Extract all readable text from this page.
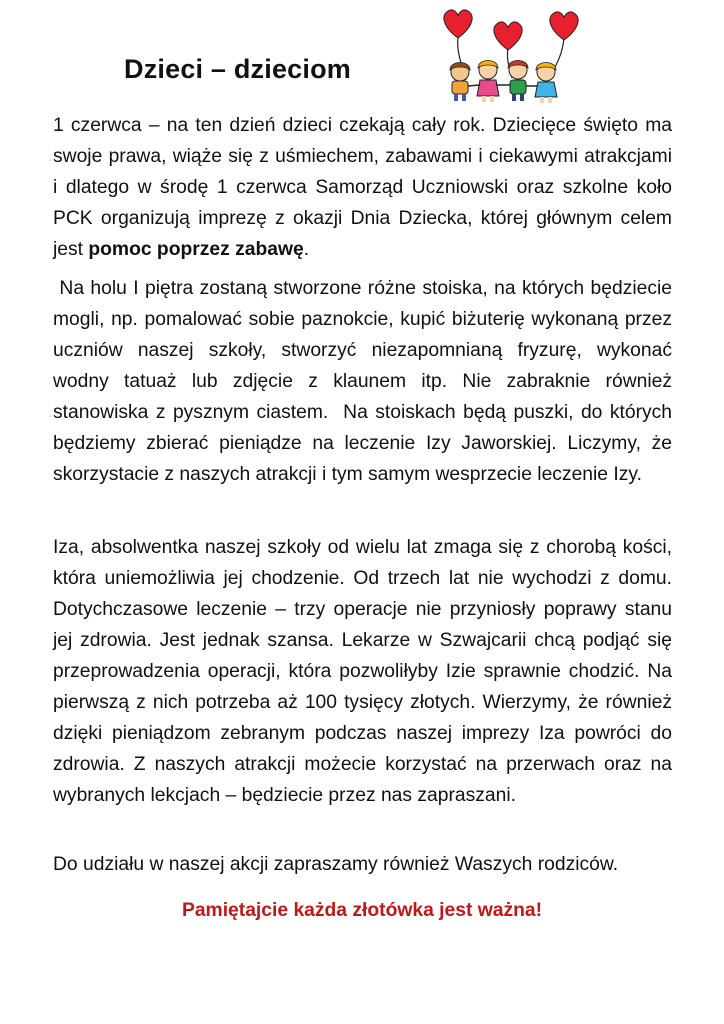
Dzieci – dzieciom
1 czerwca – na ten dzień dzieci czekają cały rok. Dziecięce święto ma swoje prawa, wiąże się z uśmiechem, zabawami i ciekawymi atrakcjami i dlatego w środę 1 czerwca Samorząd Uczniowski oraz szkolne koło PCK organizują imprezę z okazji Dnia Dziecka, której głównym celem jest pomoc poprzez zabawę.
Na holu I piętra zostaną stworzone różne stoiska, na których będziecie mogli, np. pomalować sobie paznokcie, kupić biżuterię wykonaną przez uczniów naszej szkoły, stworzyć niezapomnianą fryzurę, wykonać wodny tatuaż lub zdjęcie z klaunem itp. Nie zabraknie również stanowiska z pysznym ciastem.  Na stoiskach będą puszki, do których będziemy zbierać pieniądze na leczenie Izy Jaworskiej. Liczymy, że skorzystacie z naszych atrakcji i tym samym wesprzecie leczenie Izy.
Iza, absolwentka naszej szkoły od wielu lat zmaga się z chorobą kości, która uniemożliwia jej chodzenie. Od trzech lat nie wychodzi z domu. Dotychczasowe leczenie – trzy operacje nie przyniosły poprawy stanu jej zdrowia. Jest jednak szansa. Lekarze w Szwajcarii chcą podjąć się przeprowadzenia operacji, która pozwoliłyby Izie sprawnie chodzić. Na pierwszą z nich potrzeba aż 100 tysięcy złotych. Wierzymy, że również dzięki pieniądzom zebranym podczas naszej imprezy Iza powróci do zdrowia. Z naszych atrakcji możecie korzystać na przerwach oraz na wybranych lekcjach – będziecie przez nas zapraszani.
Do udziału w naszej akcji zapraszamy również Waszych rodziców.
Pamiętajcie każda złotówka jest ważna!
